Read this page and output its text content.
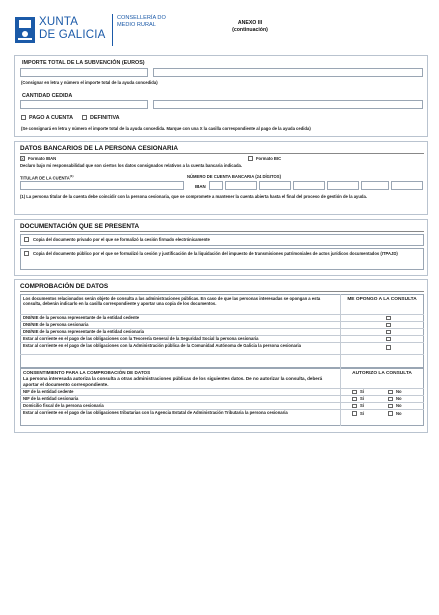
XUNTA
DE GALICIA
CONSELLERÍA DO MEDIO RURAL	ANEXO III
(continuación)
IMPORTE TOTAL DE LA SUBVENCIÓN (EUROS)
(Consignar en letra y número el importe total de la ayuda concedida)
CANTIDAD CEDIDA
PAGO A CUENTA	DEFINITIVA
(Se consignará en letra y número el importe total de la ayuda concedida. Marque con una X la casilla correspondiente al pago de la ayuda cedida)
DATOS BANCARIOS DE LA PERSONA CESIONARIA
X Formato IBAN	Formato BIC
Declaro bajo mi responsabilidad que son ciertos los datos consignados relativos a la cuenta bancaria indicada.
TITULAR DE LA CUENTA$^{(1)}$	NÚMERO DE CUENTA BANCARIA (24 DÍGITOS)
IBAN
(1) La persona titular de la cuenta debe coincidir con la persona cesionaria, que se compromete a mantener la cuenta abierta hasta el final del proceso de gestión de la ayuda.
DOCUMENTACIÓN QUE SE PRESENTA
Copia del documento privado por el que se formalizó la cesión firmado electrónicamente
Copia del documento público por el que se formalizó la cesión y justificación de la liquidación del impuesto de transmisiones patrimoniales de actos jurídicos documentados (ITPAJD)
COMPROBACIÓN DE DATOS
Los documentos relacionados serán objeto de consulta a las administraciones públicas. En caso de que las personas interesadas se opongan a esta consulta, deberán indicarlo en la casilla correspondiente y aportar una copia de los documentos.
ME OPONGO A LA CONSULTA
DNI/NIE de la persona representante de la entidad cedente
DNI/NIE de la persona cesionaria
DNI/NIE de la persona representante de la entidad cesionaria
Estar al corriente en el pago de las obligaciones con la Tesorería General de la Seguridad Social la persona cesionaria
Estar al corriente en el pago de las obligaciones con la Administración pública de la Comunidad Autónoma de Galicia la persona cesionaria
CONSENTIMIENTO PARA LA COMPROBACIÓN DE DATOS
La persona interesada autoriza la consulta a otras administraciones públicas de los siguientes datos. De no autorizar la consulta, deberá aportar el documento correspondiente.
AUTORIZO LA CONSULTA
NIF de la entidad cedente	Sí	No
NIF de la entidad cesionaria	Sí	No
Domicilio fiscal de la persona cesionaria	Sí	No
Estar al corriente en el pago de las obligaciones tributarias con la Agencia Estatal de Administración Tributaria la persona cesionaria	Sí	No
